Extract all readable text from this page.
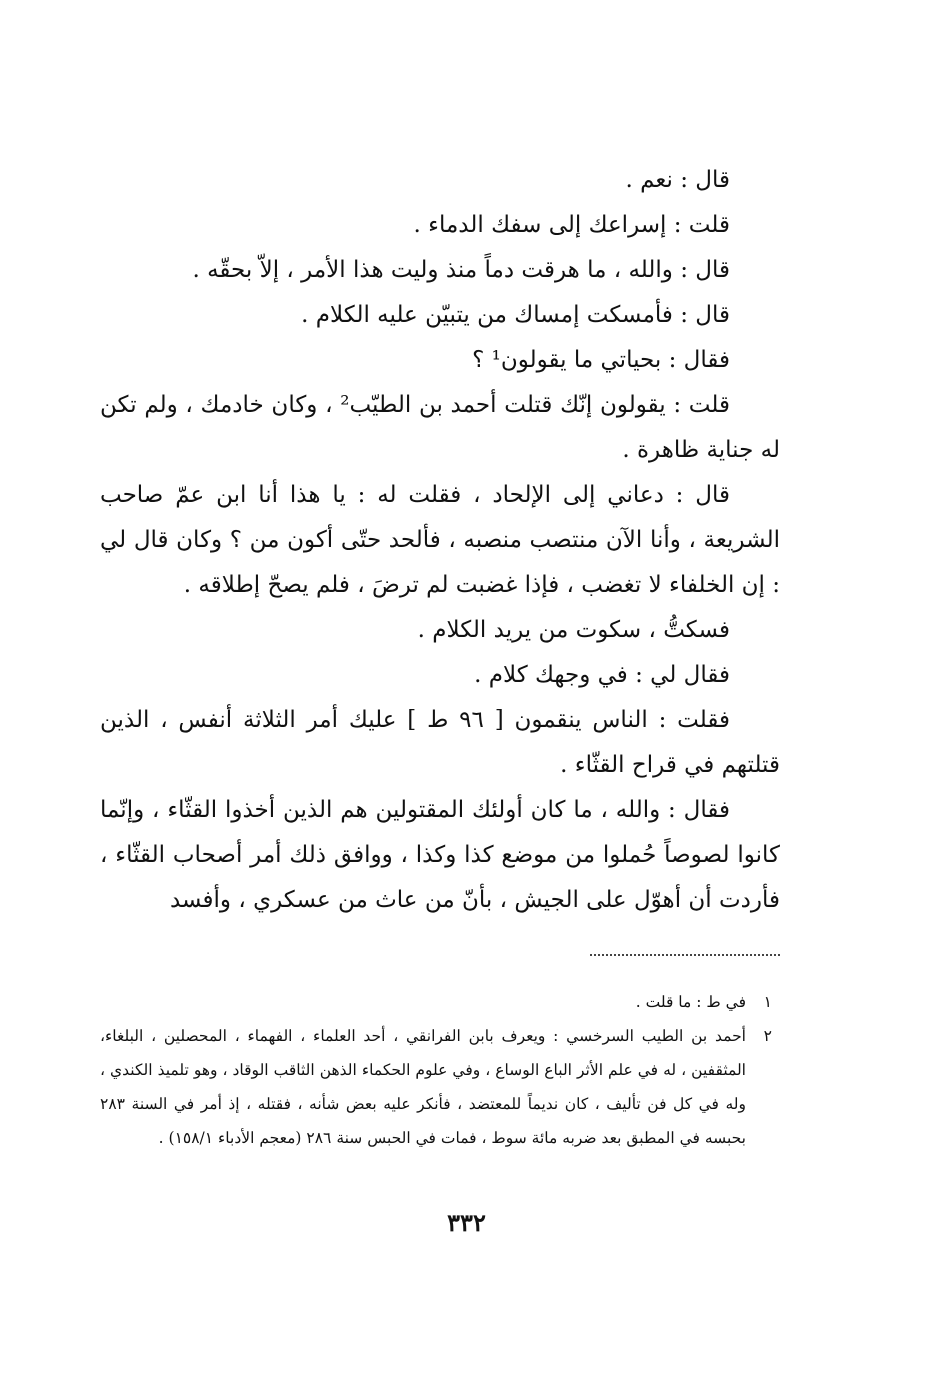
قال : نعم .

قلت : إسراعك إلى سفك الدماء .

قال : والله ، ما هرقت دماً منذ وليت هذا الأمر ، إلاّ بحقّه .

قال : فأمسكت إمساك من يتبيّن عليه الكلام .

فقال : بحياتي ما يقولون¹ ؟

قلت : يقولون إنّك قتلت أحمد بن الطيّب² ، وكان خادمك ، ولم تكن له جناية ظاهرة .

قال : دعاني إلى الإلحاد ، فقلت له : يا هذا أنا ابن عمّ صاحب الشريعة ، وأنا الآن منتصب منصبه ، فألحد حتّى أكون من ؟ وكان قال لي : إن الخلفاء لا تغضب ، فإذا غضبت لم ترضَ ، فلم يصحّ إطلاقه .

فسكتُّ ، سكوت من يريد الكلام .

فقال لي : في وجهك كلام .

فقلت : الناس ينقمون [ ٩٦ ط ] عليك أمر الثلاثة أنفس ، الذين قتلتهم في قراح القثّاء .

فقال : والله ، ما كان أولئك المقتولين هم الذين أخذوا القثّاء ، وإنّما كانوا لصوصاً حُملوا من موضع كذا وكذا ، ووافق ذلك أمر أصحاب القثّاء ، فأردت أن أهوّل على الجيش ، بأنّ من عاث من عسكري ، وأفسد

١
في ط : ما قلت .

٢
أحمد بن الطيب السرخسي : ويعرف بابن الفرانقي ، أحد العلماء ، الفهماء ، المحصلين ، البلغاء، المثقفين ، له في علم الأثر الباع الوساع ، وفي علوم الحكماء الذهن الثاقب الوقاد ، وهو تلميذ الكندي ، وله في كل فن تأليف ، كان نديماً للمعتضد ، فأنكر عليه بعض شأنه ، فقتله ، إذ أمر في السنة ٢٨٣ بحبسه في المطبق بعد ضربه مائة سوط ، فمات في الحبس سنة ٢٨٦ (معجم الأدباء ١٥٨/١) .

٣٣٢
